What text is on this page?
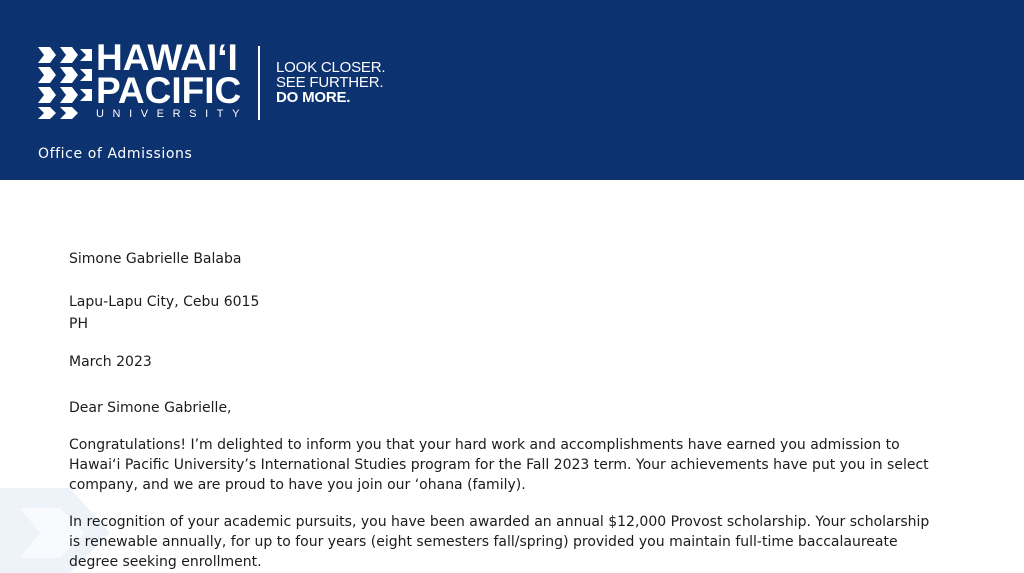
HAWAIʻI
PACIFIC
UNIVERSITY
LOOK CLOSER.
SEE FURTHER.
DO MORE.
Office of Admissions
Simone Gabrielle Balaba
Lapu-Lapu City, Cebu 6015
PH
March 2023
Dear Simone Gabrielle,
Congratulations! I’m delighted to inform you that your hard work and accomplishments have earned you admission to
Hawai‘i Pacific University’s International Studies program for the Fall 2023 term. Your achievements have put you in select
company, and we are proud to have you join our ‘ohana (family).
In recognition of your academic pursuits, you have been awarded an annual $12,000 Provost scholarship. Your scholarship
is renewable annually, for up to four years (eight semesters fall/spring) provided you maintain full-time baccalaureate
degree seeking enrollment.
